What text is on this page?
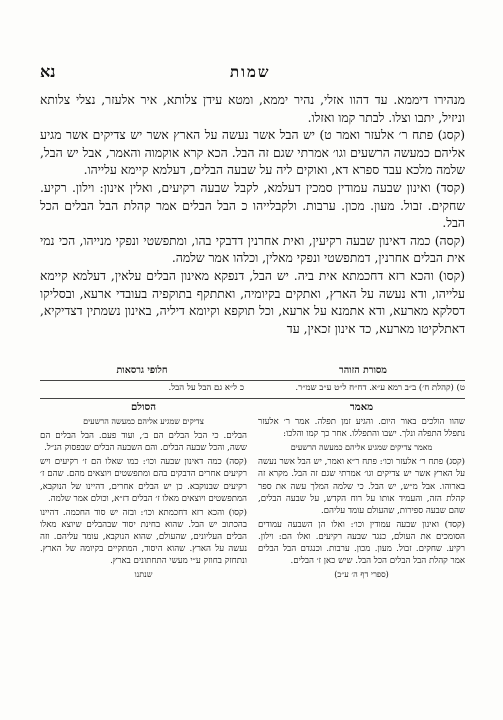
שמות
נא

מנהירו דיממא. עד דהוו אזלי, נהיר יממא, ומטא עידן צלותא, איר אלעזר, נצלי צלותא וניזיל, יתבו וצלו. לבתר קמו ואזלו.

(קסג) פתח ר׳ אלעזר ואמר ט) יש הבל אשר נעשה על הארץ אשר יש צדיקים אשר מגיע אליהם כמעשה הרשעים וגו׳ אמרתי שגם זה הבל. הכא קרא אוקמוה והאמר, אבל יש הבל, שלמה מלכא עבד ספרא דא, ואוקים ליה על שבעה הבלים, דעלמא קיימא עלייהו.

(קסד) ואינון שבעה עמודין סמכין דעלמא, לקבל שבעה רקיעים, ואלין אינון: וילון. רקיע. שחקים. זבול. מעון. מכון. ערבות. ולקבלייהו כ הבל הבלים אמר קהלת הבל הבלים הכל הבל.

(קסה) כמה דאינון שבעה רקיעין, ואית אחרנין דדבקי בהו, ומתפשטי ונפקי מנייהו, הכי נמי אית הבלים אחרנין, דמתפשטי ונפקי מאלין, וכלהו אמר שלמה.

(קסו) והכא רזא דחכמתא אית ביה. יש הבל, דנפקא מאינון הבלים עלאין, דעלמא קיימא עלייהו, ודא נעשה על הארץ, ואתקים בקיומיה, ואתתקף בתוקפיה בעובדי ארעא, ובסליקו דסלקא מארעא, ודא אתמנא על ארעא, וכל תוקפא וקיומא דיליה, באינון נשמתין דצדיקיא, דאתלקיטו מארעא, כד אינון זכאין, עד

מסורת הזוהר
חלופי גרסאות
ט) (קהלת ח׳) ב״ב רמא ע״א. דח״ח ל״ט ע״ב שמ״ר.
כ ל״א גם הבל על הבל.
מאמר

שהוו הולכים באור היום. והגיע זמן תפלה. אמר ר׳ אלעזר נתפלל התפלה ונלך. ישבו והתפללו. אחר כך קמו והלכו:

מאמר צדיקים שמגיע אליהם כמעשה הרשעים

(קסג) פתח ר׳ אלעזר וכו׳: פתח ר״א ואמר, יש הבל אשר נעשה על הארץ אשר יש צדיקים וגו׳ אמרתי שגם זה הבל. מקרא זה בארוהו. אבל מ״ש, יש הבל. כי שלמה המלך עשה את ספר קהלת הזה, והעמיד אותו על רוח הקדש, על שבעה הבלים, שהם שבעה ספירות, שהעולם עומד עליהם.

(קסד) ואינון שבעה עמודין וכו׳: ואלו הן השבעה עמודים הסומכים את העולם, כנגד שבעה רקיעים. ואלו הם: וילון. רקיע. שחקים. זבול. מעון. מכון. ערבות. וכנגדם הבל הבלים אמר קהלת הבל הבלים הכל הבל. שיש כאן ז׳ הבלים.

(ספרי דף ה׳ ע״ב)
הסולם
צדיקים שמגיע אליהם כמעשה הרשעים

הבלים. כי הבל הבלים הם ב׳, ועוד פעם. הבל הבלים הם ששה, והכל שבעה הבלים. והם השבעה הבלים שבפסוק הנ״ל.

(קסה) כמה דאינון שבעה וכו׳: כמו שאלו הם ז׳ רקיעים ויש רקיעים אחרים הדבקים בהם ומתפשטים ויוצאים מהם. שהם ז׳ רקיעים שבנוקבא. כן יש הבלים אחרים, דהיינו של הנוקבא, המתפשטים ויוצאים מאלו ז׳ הבלים דז״א, וכולם אמר שלמה.

(קסו) והכא רזא דחכמתא וכו׳: ובזה יש סוד החכמה. דהיינו בהכתוב יש הבל. שהוא בחינת יסוד שבהבלים שיוצא מאלו הבלים העליונים, שהעולם, שהוא הנוקבא, עומד עליהם. וזה נעשה על הארץ. שהוא היסוד, המתקיים בקיומה של הארץ. ונתחזק בחוזק ע״י מעשי התחתונים בארץ.

שנתנו
